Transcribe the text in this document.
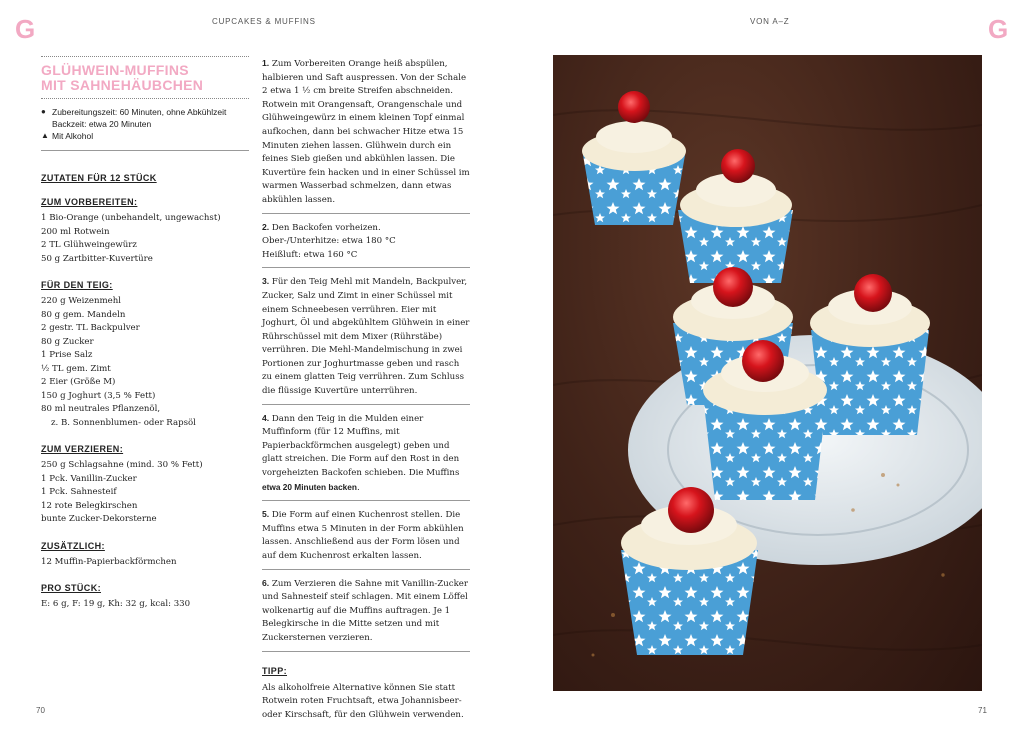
G	CUPCAKES & MUFFINS	VON A–Z	G
GLÜHWEIN-MUFFINS
MIT SAHNEHÄUBCHEN
● Zubereitungszeit: 60 Minuten, ohne Abkühlzeit
Backzeit: etwa 20 Minuten
▲ Mit Alkohol
ZUTATEN FÜR 12 STÜCK
ZUM VORBEREITEN:
1 Bio-Orange (unbehandelt, ungewachst)
200 ml Rotwein
2 TL Glühweingewürz
50 g Zartbitter-Kuvertüre
FÜR DEN TEIG:
220 g Weizenmehl
80 g gem. Mandeln
2 gestr. TL Backpulver
80 g Zucker
1 Prise Salz
½ TL gem. Zimt
2 Eier (Größe M)
150 g Joghurt (3,5 % Fett)
80 ml neutrales Pflanzenöl,
z. B. Sonnenblumen- oder Rapsöl
ZUM VERZIEREN:
250 g Schlagsahne (mind. 30 % Fett)
1 Pck. Vanillin-Zucker
1 Pck. Sahnesteif
12 rote Belegkirschen
bunte Zucker-Dekorsterne
ZUSÄTZLICH:
12 Muffin-Papierbackförmchen
PRO STÜCK:
E: 6 g, F: 19 g, Kh: 32 g, kcal: 330
1. Zum Vorbereiten Orange heiß abspülen, halbieren und Saft auspressen. Von der Schale 2 etwa 1 ½ cm breite Streifen abschneiden. Rotwein mit Orangensaft, Orangenschale und Glühweingewürz in einem kleinen Topf einmal aufkochen, dann bei schwacher Hitze etwa 15 Minuten ziehen lassen. Glühwein durch ein feines Sieb gießen und abkühlen lassen. Die Kuvertüre fein hacken und in einer Schüssel im warmen Wasserbad schmelzen, dann etwas abkühlen lassen.
2. Den Backofen vorheizen.
Ober-/Unterhitze: etwa 180 °C
Heißluft: etwa 160 °C
3. Für den Teig Mehl mit Mandeln, Backpulver, Zucker, Salz und Zimt in einer Schüssel mit einem Schneebesen verrühren. Eier mit Joghurt, Öl und abgekühltem Glühwein in einer Rührschüssel mit dem Mixer (Rührstäbe) verrühren. Die Mehl-Mandelmischung in zwei Portionen zur Joghurtmasse geben und rasch zu einem glatten Teig verrühren. Zum Schluss die flüssige Kuvertüre unterrühren.
4. Dann den Teig in die Mulden einer Muffinform (für 12 Muffins, mit Papierbackförmchen ausgelegt) geben und glatt streichen. Die Form auf den Rost in den vorgeheizten Backofen schieben. Die Muffins etwa 20 Minuten backen.
5. Die Form auf einen Kuchenrost stellen. Die Muffins etwa 5 Minuten in der Form abkühlen lassen. Anschließend aus der Form lösen und auf dem Kuchenrost erkalten lassen.
6. Zum Verzieren die Sahne mit Vanillin-Zucker und Sahnesteif steif schlagen. Mit einem Löffel wolkenartig auf die Muffins auftragen. Je 1 Belegkirsche in die Mitte setzen und mit Zuckersternen verzieren.
TIPP:
Als alkoholfreie Alternative können Sie statt Rotwein roten Fruchtsaft, etwa Johannisbeer- oder Kirschsaft, für den Glühwein verwenden.
70	71
